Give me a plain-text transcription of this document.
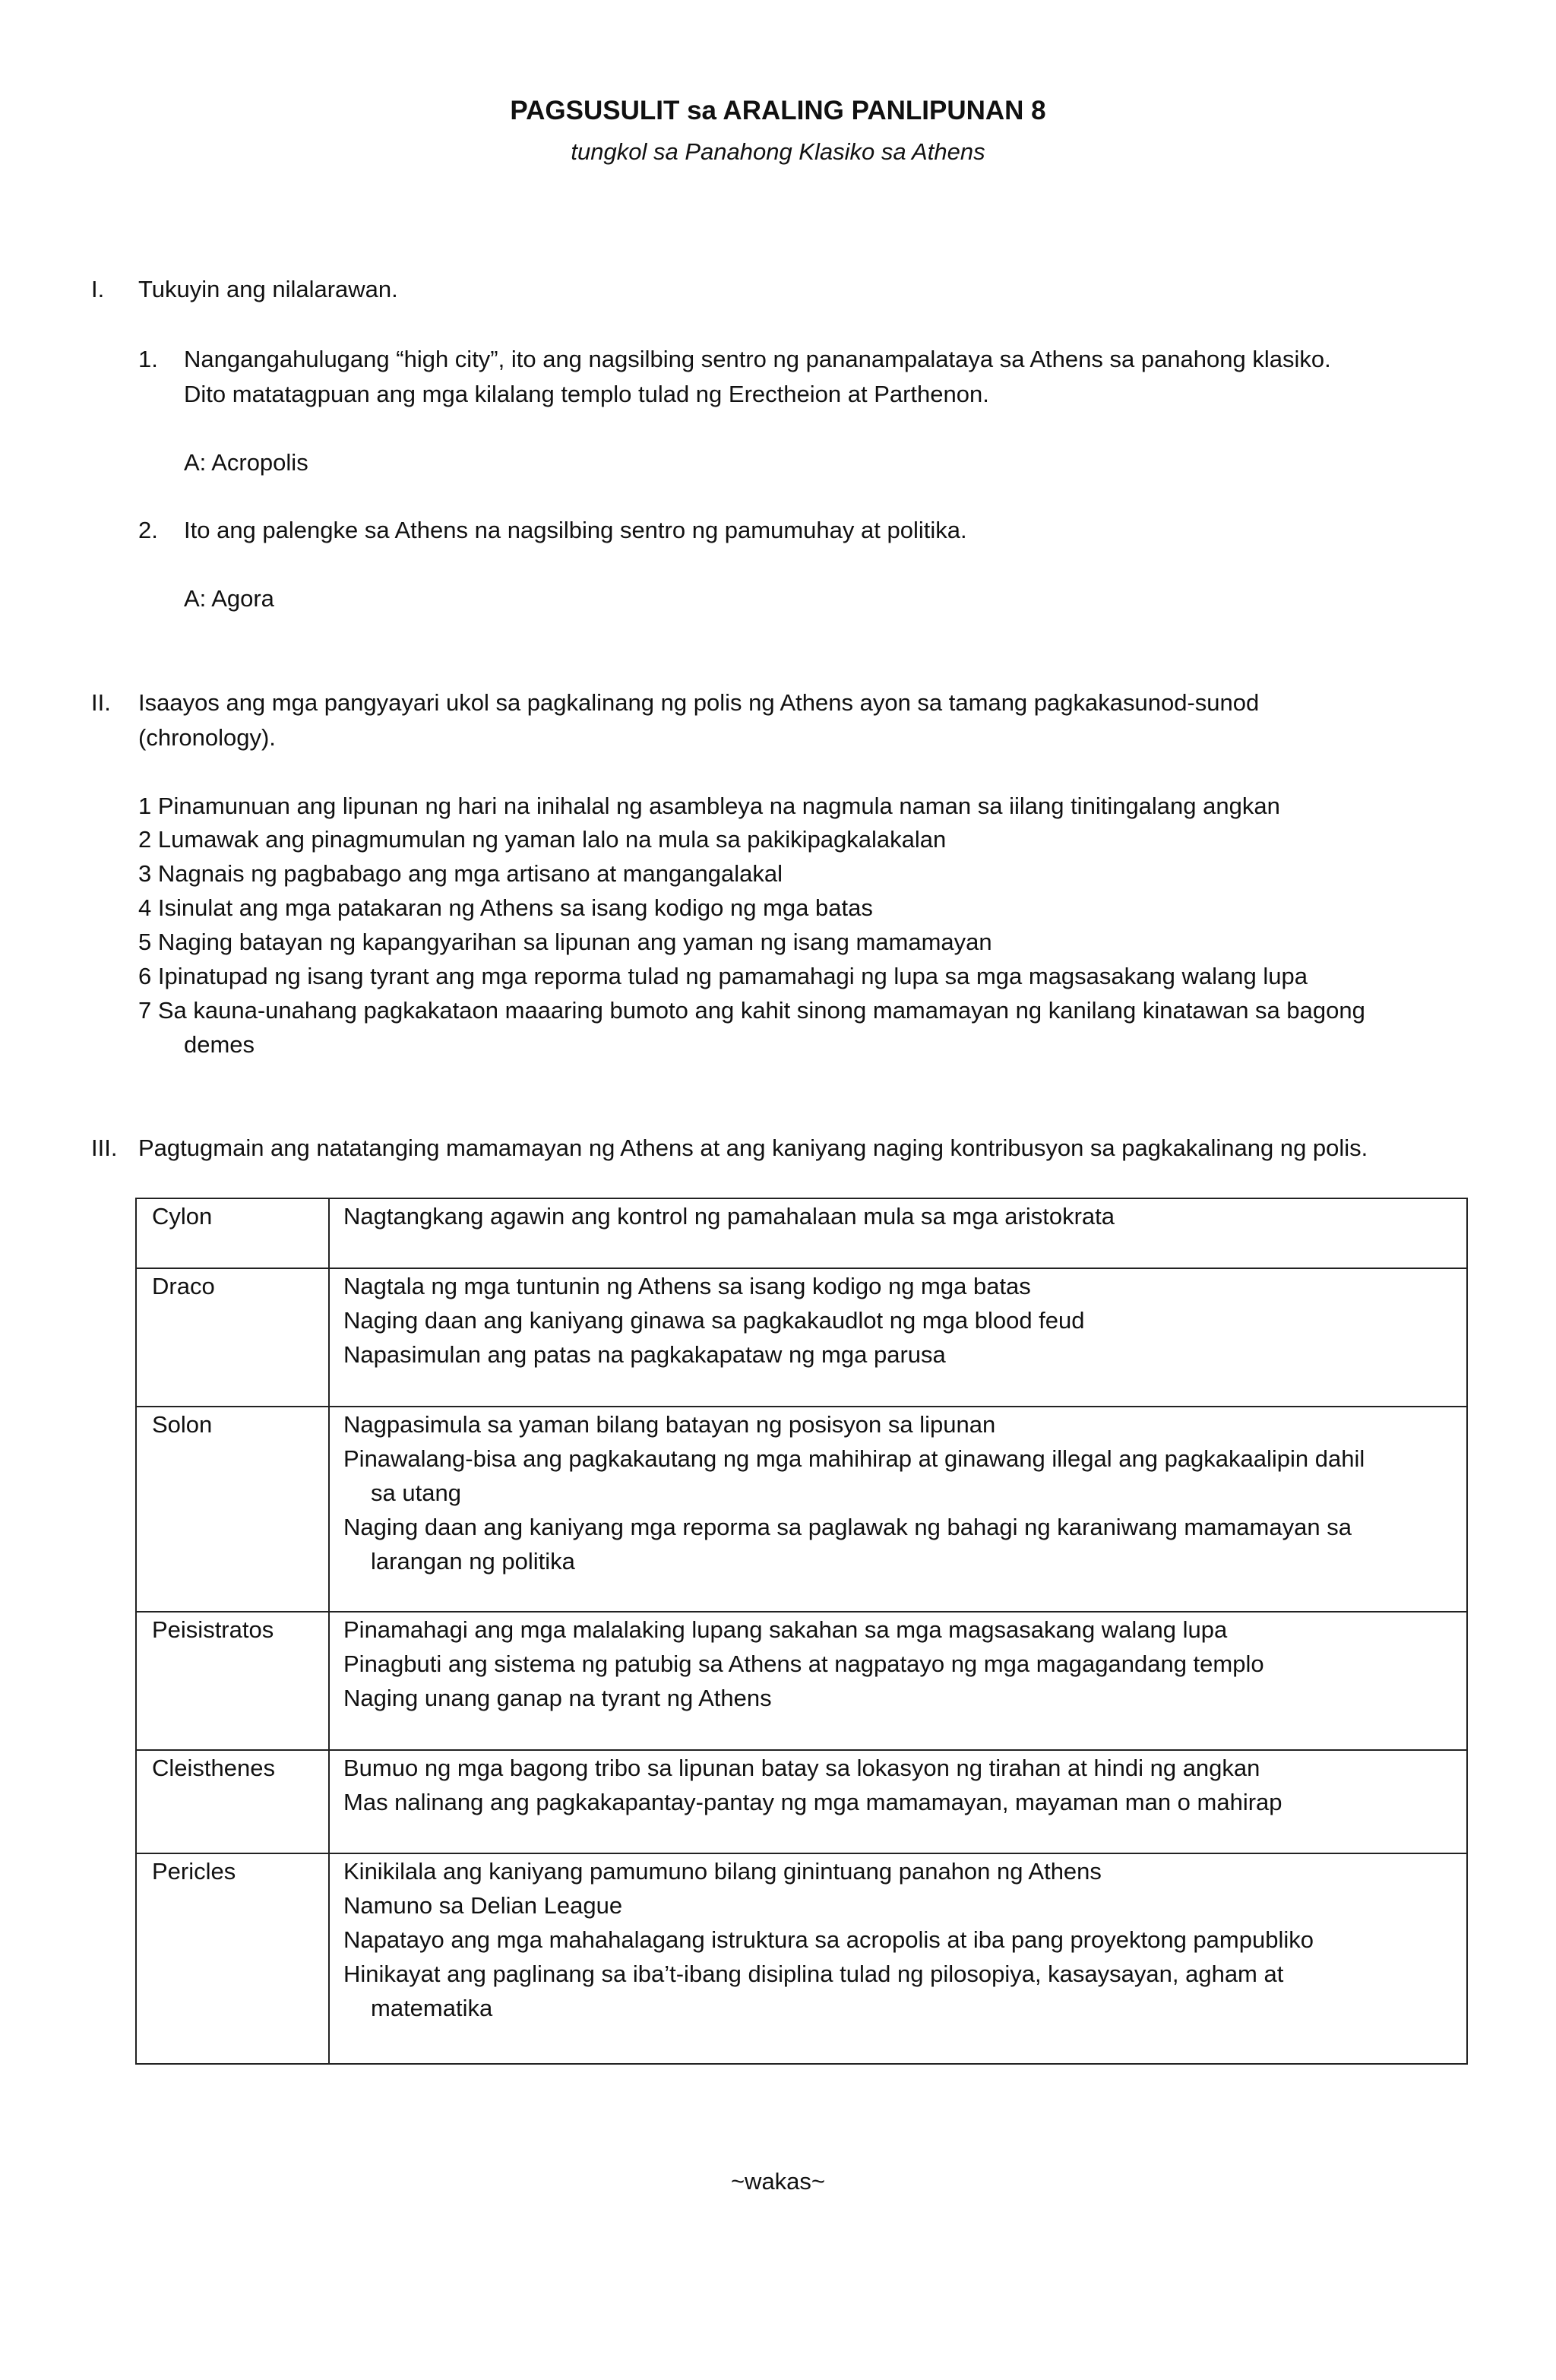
PAGSUSULIT sa ARALING PANLIPUNAN 8
tungkol sa Panahong Klasiko sa Athens
I. Tukuyin ang nilalarawan.
1. Nangangahulugang “high city”, ito ang nagsilbing sentro ng pananampalataya sa Athens sa panahong klasiko.
Dito matatagpuan ang mga kilalang templo tulad ng Erectheion at Parthenon.
A: Acropolis
2. Ito ang palengke sa Athens na nagsilbing sentro ng pamumuhay at politika.
A: Agora
II. Isaayos ang mga pangyayari ukol sa pagkalinang ng polis ng Athens ayon sa tamang pagkakasunod-sunod
(chronology).
1 Pinamunuan ang lipunan ng hari na inihalal ng asambleya na nagmula naman sa iilang tinitingalang angkan
2 Lumawak ang pinagmumulan ng yaman lalo na mula sa pakikipagkalakalan
3 Nagnais ng pagbabago ang mga artisano at mangangalakal
4 Isinulat ang mga patakaran ng Athens sa isang kodigo ng mga batas
5 Naging batayan ng kapangyarihan sa lipunan ang yaman ng isang mamamayan
6 Ipinatupad ng isang tyrant ang mga reporma tulad ng pamamahagi ng lupa sa mga magsasakang walang lupa
7 Sa kauna-unahang pagkakataon maaaring bumoto ang kahit sinong mamamayan ng kanilang kinatawan sa bagong
demes
III. Pagtugmain ang natatanging mamamayan ng Athens at ang kaniyang naging kontribusyon sa pagkakalinang ng polis.
Cylon	Nagtangkang agawin ang kontrol ng pamahalaan mula sa mga aristokrata

Draco	Nagtala ng mga tuntunin ng Athens sa isang kodigo ng mga batas
Naging daan ang kaniyang ginawa sa pagkakaudlot ng mga blood feud
Napasimulan ang patas na pagkakapataw ng mga parusa

Solon	Nagpasimula sa yaman bilang batayan ng posisyon sa lipunan
Pinawalang-bisa ang pagkakautang ng mga mahihirap at ginawang illegal ang pagkakaalipin dahil
sa utang
Naging daan ang kaniyang mga reporma sa paglawak ng bahagi ng karaniwang mamamayan sa
larangan ng politika

Peisistratos	Pinamahagi ang mga malalaking lupang sakahan sa mga magsasakang walang lupa
Pinagbuti ang sistema ng patubig sa Athens at nagpatayo ng mga magagandang templo
Naging unang ganap na tyrant ng Athens

Cleisthenes	Bumuo ng mga bagong tribo sa lipunan batay sa lokasyon ng tirahan at hindi ng angkan
Mas nalinang ang pagkakapantay-pantay ng mga mamamayan, mayaman man o mahirap

Pericles	Kinikilala ang kaniyang pamumuno bilang ginintuang panahon ng Athens
Namuno sa Delian League
Napatayo ang mga mahahalagang istruktura sa acropolis at iba pang proyektong pampubliko
Hinikayat ang paglinang sa iba’t-ibang disiplina tulad ng pilosopiya, kasaysayan, agham at
matematika
~wakas~
